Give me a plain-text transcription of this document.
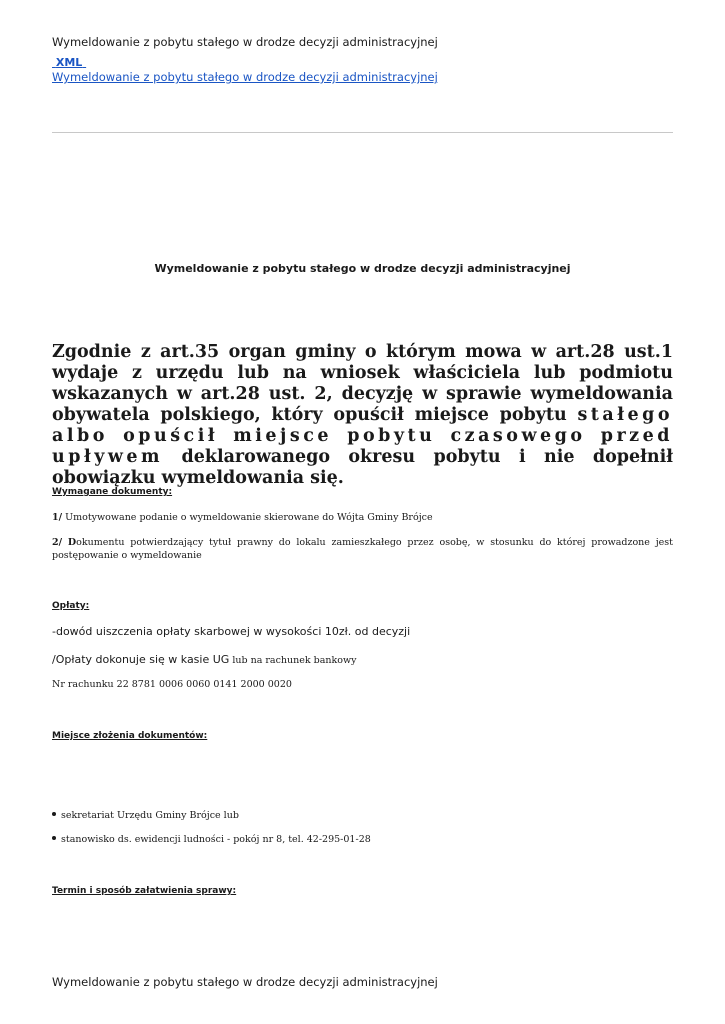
Wymeldowanie z pobytu stałego w drodze decyzji administracyjnej
XML
Wymeldowanie z pobytu stałego w drodze decyzji administracyjnej
Wymeldowanie z pobytu stałego w drodze decyzji administracyjnej
Zgodnie z art.35 organ gminy o którym mowa w art.28 ust.1 wydaje z urzędu lub na wniosek właściciela lub podmiotu wskazanych w art.28 ust. 2, decyzję w sprawie wymeldowania obywatela polskiego, który opuścił miejsce pobytu stałego albo opuścił miejsce pobytu czasowego przed upływem deklarowanego okresu pobytu i nie dopełnił obowiązku wymeldowania się.
Wymagane dokumenty:
1/ Umotywowane podanie o wymeldowanie skierowane do Wójta Gminy Brójce
2/ Dokumentu potwierdzający tytuł prawny do lokalu zamieszkałego przez osobę, w stosunku do której prowadzone jest postępowanie o wymeldowanie
Opłaty:
-dowód uiszczenia opłaty skarbowej w wysokości 10zł. od decyzji
/Opłaty dokonuje się w kasie UG lub na rachunek bankowy
Nr rachunku 22 8781 0006 0060 0141 2000 0020
Miejsce złożenia dokumentów:
sekretariat Urzędu Gminy Brójce lub
stanowisko ds. ewidencji ludności - pokój nr 8, tel. 42-295-01-28
Termin i sposób załatwienia sprawy:
Wymeldowanie z pobytu stałego w drodze decyzji administracyjnej
